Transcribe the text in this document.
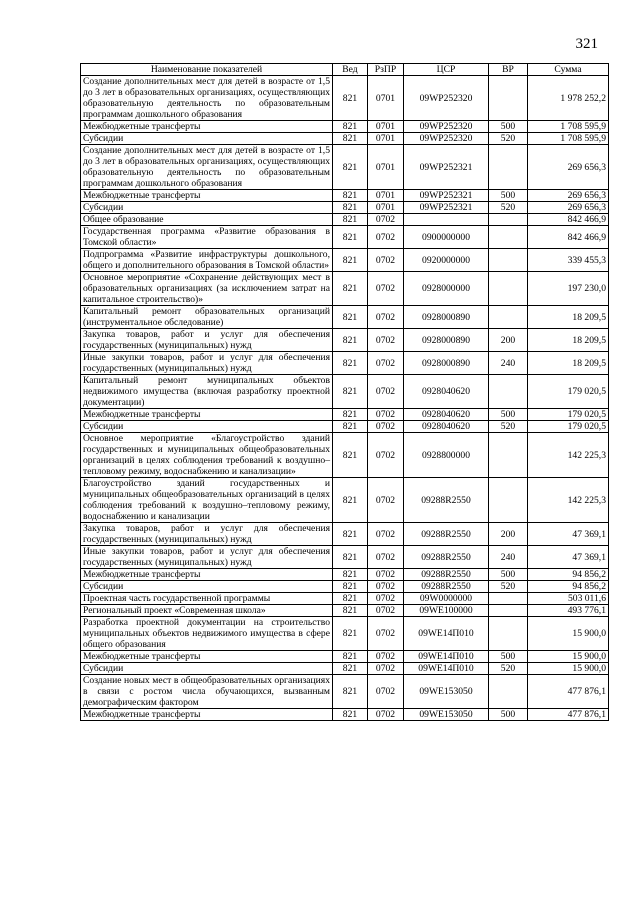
321
Наименование показателей	Вед	РзПР	ЦСР	ВР	Сумма
Создание дополнительных мест для детей в возрасте от 1,5 до 3 лет в образовательных организациях, осуществляющих образовательную деятельность по образовательным программам дошкольного образования	821	0701	09WP252320		1 978 252,2
Межбюджетные трансферты	821	0701	09WP252320	500	1 708 595,9
Субсидии	821	0701	09WP252320	520	1 708 595,9
Создание дополнительных мест для детей в возрасте от 1,5 до 3 лет в образовательных организациях, осуществляющих образовательную деятельность по образовательным программам дошкольного образования	821	0701	09WP252321		269 656,3
Межбюджетные трансферты	821	0701	09WP252321	500	269 656,3
Субсидии	821	0701	09WP252321	520	269 656,3
Общее образование	821	0702			842 466,9
Государственная программа «Развитие образования в Томской области»	821	0702	0900000000		842 466,9
Подпрограмма «Развитие инфраструктуры дошкольного, общего и дополнительного образования в Томской области»	821	0702	0920000000		339 455,3
Основное мероприятие «Сохранение действующих мест в образовательных организациях (за исключением затрат на капитальное строительство)»	821	0702	0928000000		197 230,0
Капитальный ремонт образовательных организаций (инструментальное обследование)	821	0702	0928000890		18 209,5
Закупка товаров, работ и услуг для обеспечения государственных (муниципальных) нужд	821	0702	0928000890	200	18 209,5
Иные закупки товаров, работ и услуг для обеспечения государственных (муниципальных) нужд	821	0702	0928000890	240	18 209,5
Капитальный ремонт муниципальных объектов недвижимого имущества (включая разработку проектной документации)	821	0702	0928040620		179 020,5
Межбюджетные трансферты	821	0702	0928040620	500	179 020,5
Субсидии	821	0702	0928040620	520	179 020,5
Основное мероприятие «Благоустройство зданий государственных и муниципальных общеобразовательных организаций в целях соблюдения требований к воздушно–тепловому режиму, водоснабжению и канализации»	821	0702	0928800000		142 225,3
Благоустройство зданий государственных и муниципальных общеобразовательных организаций в целях соблюдения требований к воздушно–тепловому режиму, водоснабжению и канализации	821	0702	09288R2550		142 225,3
Закупка товаров, работ и услуг для обеспечения государственных (муниципальных) нужд	821	0702	09288R2550	200	47 369,1
Иные закупки товаров, работ и услуг для обеспечения государственных (муниципальных) нужд	821	0702	09288R2550	240	47 369,1
Межбюджетные трансферты	821	0702	09288R2550	500	94 856,2
Субсидии	821	0702	09288R2550	520	94 856,2
Проектная часть государственной программы	821	0702	09W0000000		503 011,6
Региональный проект «Современная школа»	821	0702	09WE100000		493 776,1
Разработка проектной документации на строительство муниципальных объектов недвижимого имущества в сфере общего образования	821	0702	09WE14П010		15 900,0
Межбюджетные трансферты	821	0702	09WE14П010	500	15 900,0
Субсидии	821	0702	09WE14П010	520	15 900,0
Создание новых мест в общеобразовательных организациях в связи с ростом числа обучающихся, вызванным демографическим фактором	821	0702	09WE153050		477 876,1
Межбюджетные трансферты	821	0702	09WE153050	500	477 876,1
